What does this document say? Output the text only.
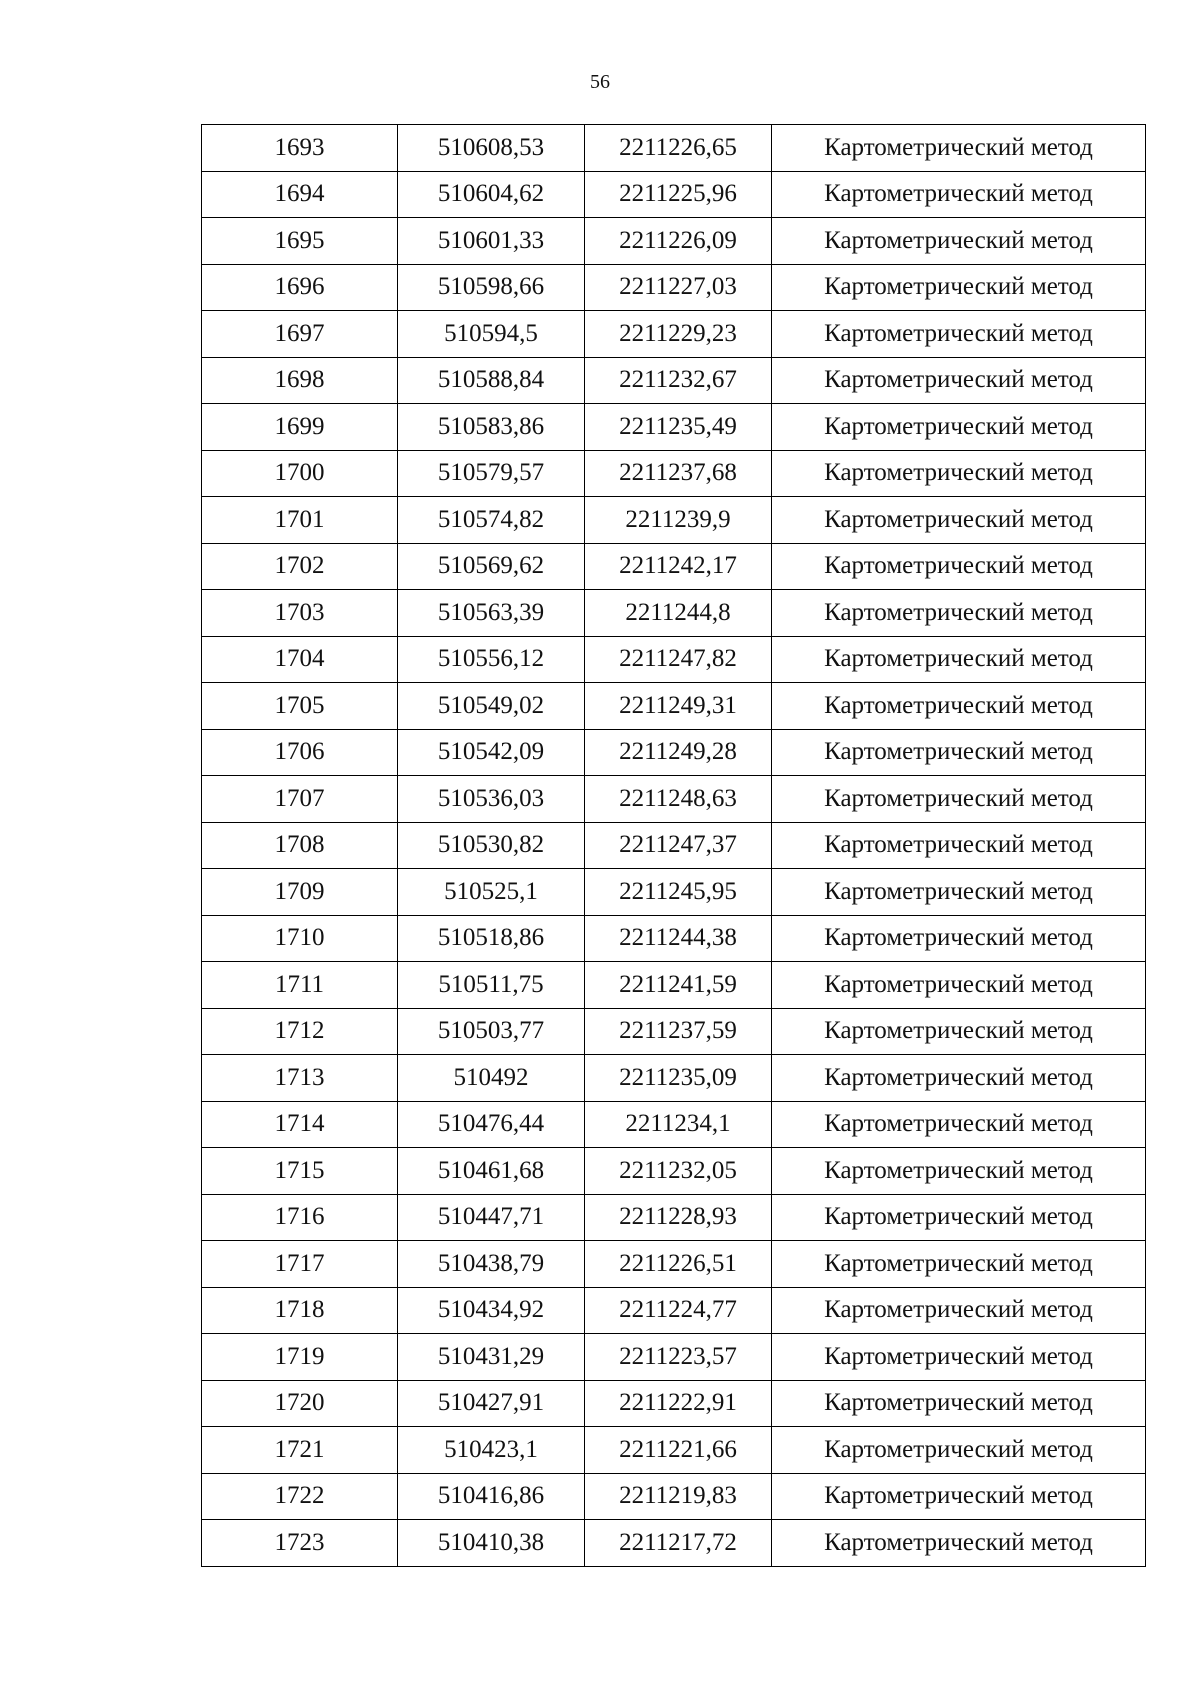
56
1693	510608,53	2211226,65	Картометрический метод
1694	510604,62	2211225,96	Картометрический метод
1695	510601,33	2211226,09	Картометрический метод
1696	510598,66	2211227,03	Картометрический метод
1697	510594,5	2211229,23	Картометрический метод
1698	510588,84	2211232,67	Картометрический метод
1699	510583,86	2211235,49	Картометрический метод
1700	510579,57	2211237,68	Картометрический метод
1701	510574,82	2211239,9	Картометрический метод
1702	510569,62	2211242,17	Картометрический метод
1703	510563,39	2211244,8	Картометрический метод
1704	510556,12	2211247,82	Картометрический метод
1705	510549,02	2211249,31	Картометрический метод
1706	510542,09	2211249,28	Картометрический метод
1707	510536,03	2211248,63	Картометрический метод
1708	510530,82	2211247,37	Картометрический метод
1709	510525,1	2211245,95	Картометрический метод
1710	510518,86	2211244,38	Картометрический метод
1711	510511,75	2211241,59	Картометрический метод
1712	510503,77	2211237,59	Картометрический метод
1713	510492	2211235,09	Картометрический метод
1714	510476,44	2211234,1	Картометрический метод
1715	510461,68	2211232,05	Картометрический метод
1716	510447,71	2211228,93	Картометрический метод
1717	510438,79	2211226,51	Картометрический метод
1718	510434,92	2211224,77	Картометрический метод
1719	510431,29	2211223,57	Картометрический метод
1720	510427,91	2211222,91	Картометрический метод
1721	510423,1	2211221,66	Картометрический метод
1722	510416,86	2211219,83	Картометрический метод
1723	510410,38	2211217,72	Картометрический метод
